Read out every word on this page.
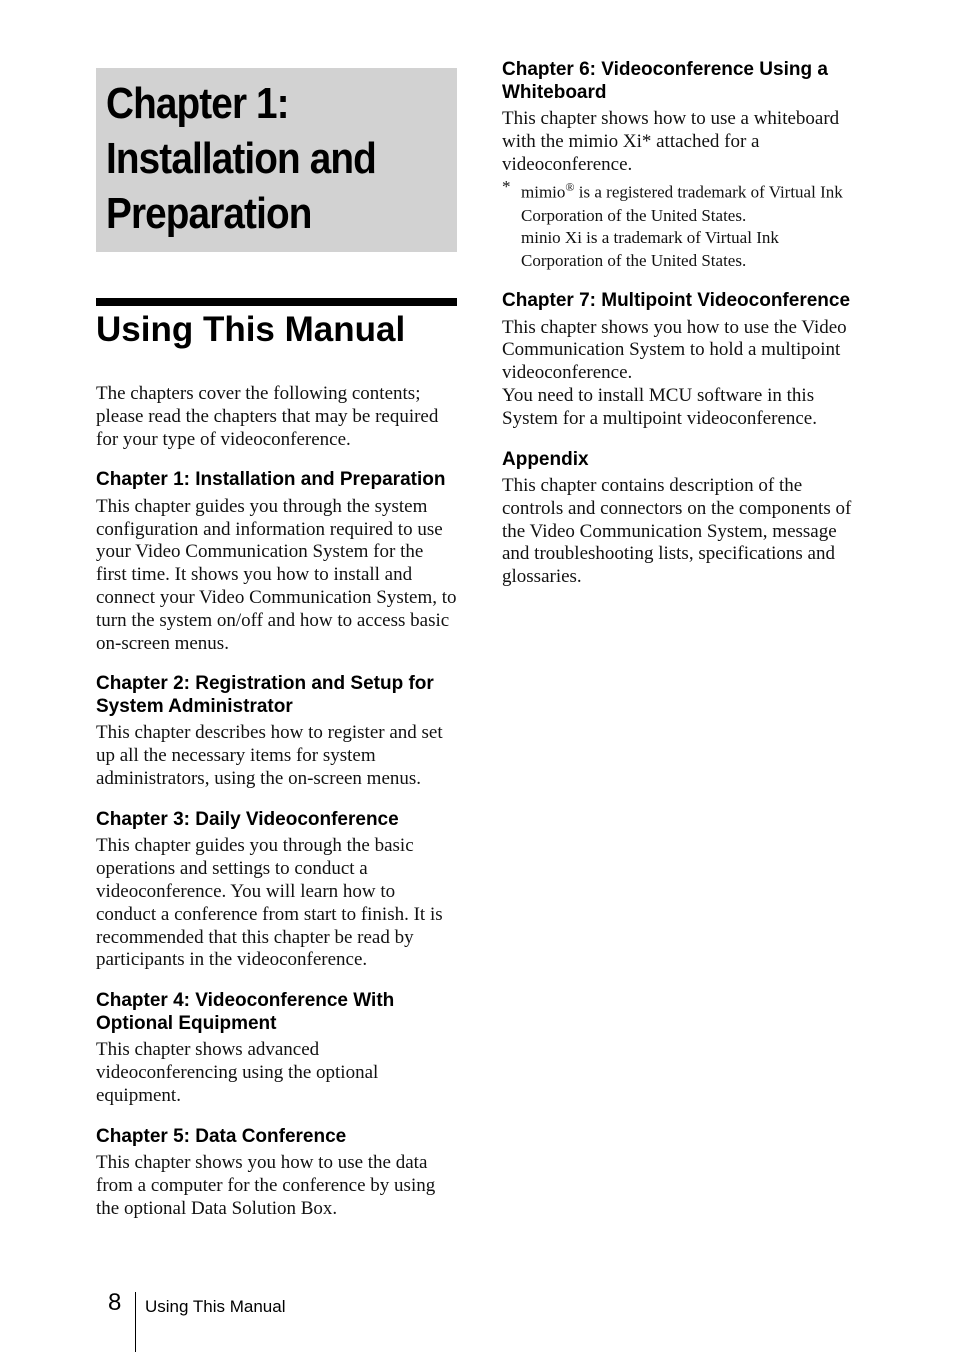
Chapter 1:
Installation and
Preparation
Using This Manual

The chapters cover the following contents; please read the chapters that may be required for your type of videoconference.

Chapter 1: Installation and Preparation

This chapter guides you through the system configuration and information required to use your Video Communication System for the first time. It shows you how to install and connect your Video Communication System, to turn the system on/off and how to access basic on-screen menus.

Chapter 2: Registration and Setup for System Administrator

This chapter describes how to register and set up all the necessary items for system administrators, using the on-screen menus.

Chapter 3: Daily Videoconference

This chapter guides you through the basic operations and settings to conduct a videoconference. You will learn how to conduct a conference from start to finish. It is recommended that this chapter be read by participants in the videoconference.

Chapter 4: Videoconference With Optional Equipment

This chapter shows advanced videoconferencing using the optional equipment.

Chapter 5: Data Conference

This chapter shows you how to use the data from a computer for the conference by using the optional Data Solution Box.

Chapter 6: Videoconference Using a Whiteboard

This chapter shows how to use a whiteboard with the mimio Xi* attached for a videoconference.

* mimio® is a registered trademark of Virtual Ink Corporation of the United States.
minio Xi is a trademark of Virtual Ink Corporation of the United States.
Chapter 7: Multipoint Videoconference

This chapter shows you how to use the Video Communication System to hold a multipoint videoconference.

You need to install MCU software in this System for a multipoint videoconference.

Appendix

This chapter contains description of the controls and connectors on the components of the Video Communication System, message and troubleshooting lists, specifications and glossaries.

8 Using This Manual
